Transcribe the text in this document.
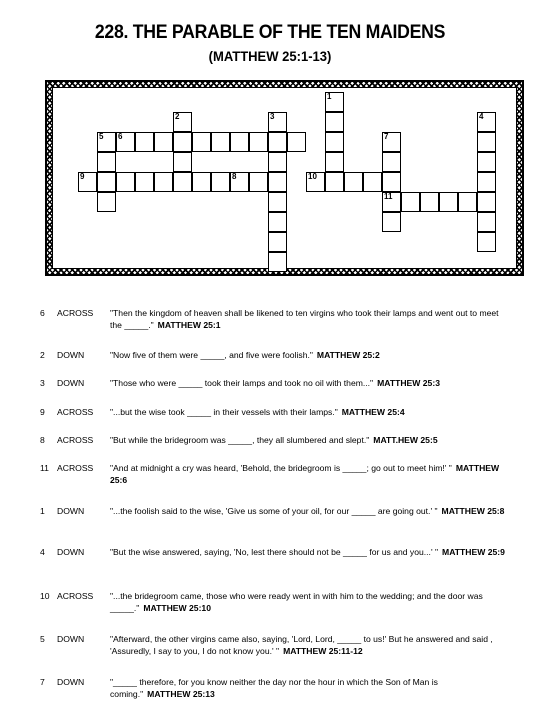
228. THE PARABLE OF THE TEN MAIDENS
(MATTHEW 25:1-13)
9
6
10
11
8
2	3
1
4
5	7
6 ACROSS "Then the kingdom of heaven shall be likened to ten virgins who took their lamps and went out to meet the _____." MATTHEW 25:1
2 DOWN	"Now five of them were _____, and five were foolish." MATTHEW 25:2
3 DOWN	"Those who were _____ took their lamps and took no oil with them..." MATTHEW 25:3
9 ACROSS "...but the wise took _____ in their vessels with their lamps." MATTHEW 25:4
8 ACROSS "But while the bridegroom was _____, they all slumbered and slept." MATT.HEW 25:5
11 ACROSS "And at midnight a cry was heard, 'Behold, the bridegroom is _____; go out to meet him!' " MATTHEW 25:6
1 DOWN	"...the foolish said to the wise, 'Give us some of your oil, for our _____ are going out.' " MATTHEW 25:8
4 DOWN	"But the wise answered, saying, 'No, lest there should not be _____ for us and you...' " MATTHEW 25:9
10 ACROSS "...the bridegroom came, those who were ready went in with him to the wedding; and the door was _____." MATTHEW 25:10
5 DOWN	"Afterward, the other virgins came also, saying, 'Lord, Lord, _____ to us!' But he answered and said , 'Assuredly, I say to you, I do not know you.' " MATTHEW 25:11-12
7 DOWN	"_____ therefore, for you know neither the day nor the hour in which the Son of Man is coming." MATTHEW 25:13
